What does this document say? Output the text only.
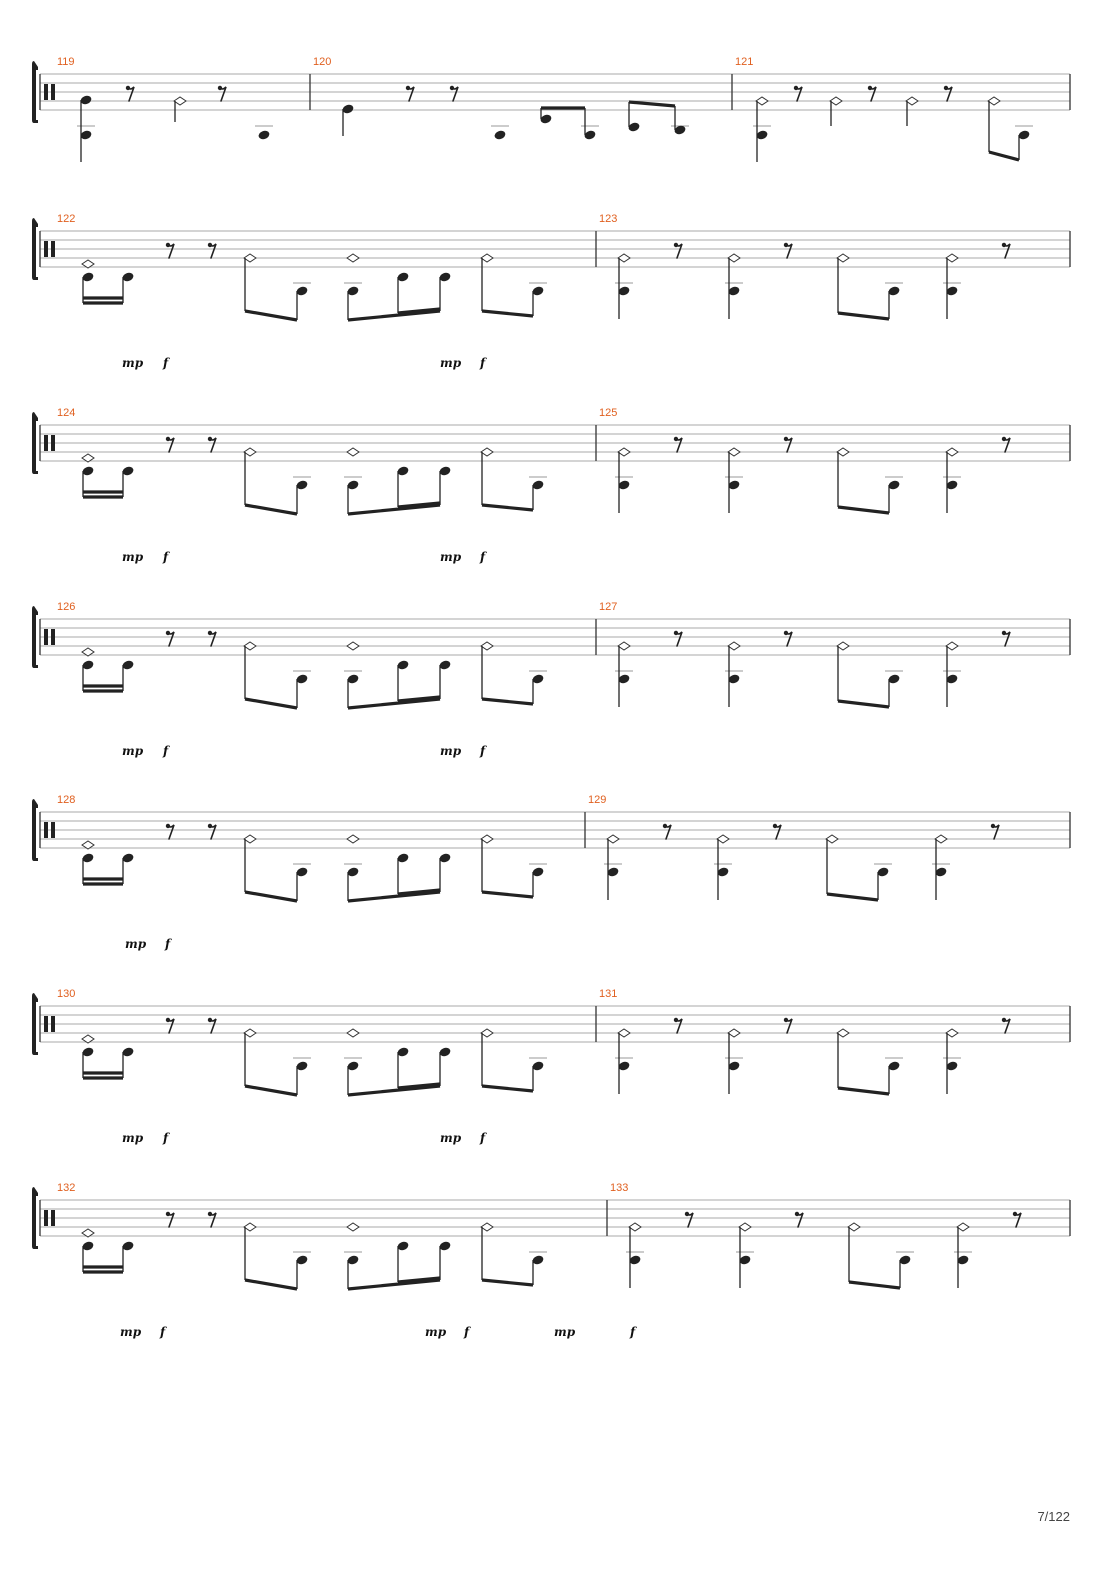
119	120	121
122	123
mp f	mp f
124	125
mp f	mp f
126	127
mp f	mp f
128	129
mp f
130	131
mp f	mp f
132	133
mp f	mp f	mp	f
7/122
